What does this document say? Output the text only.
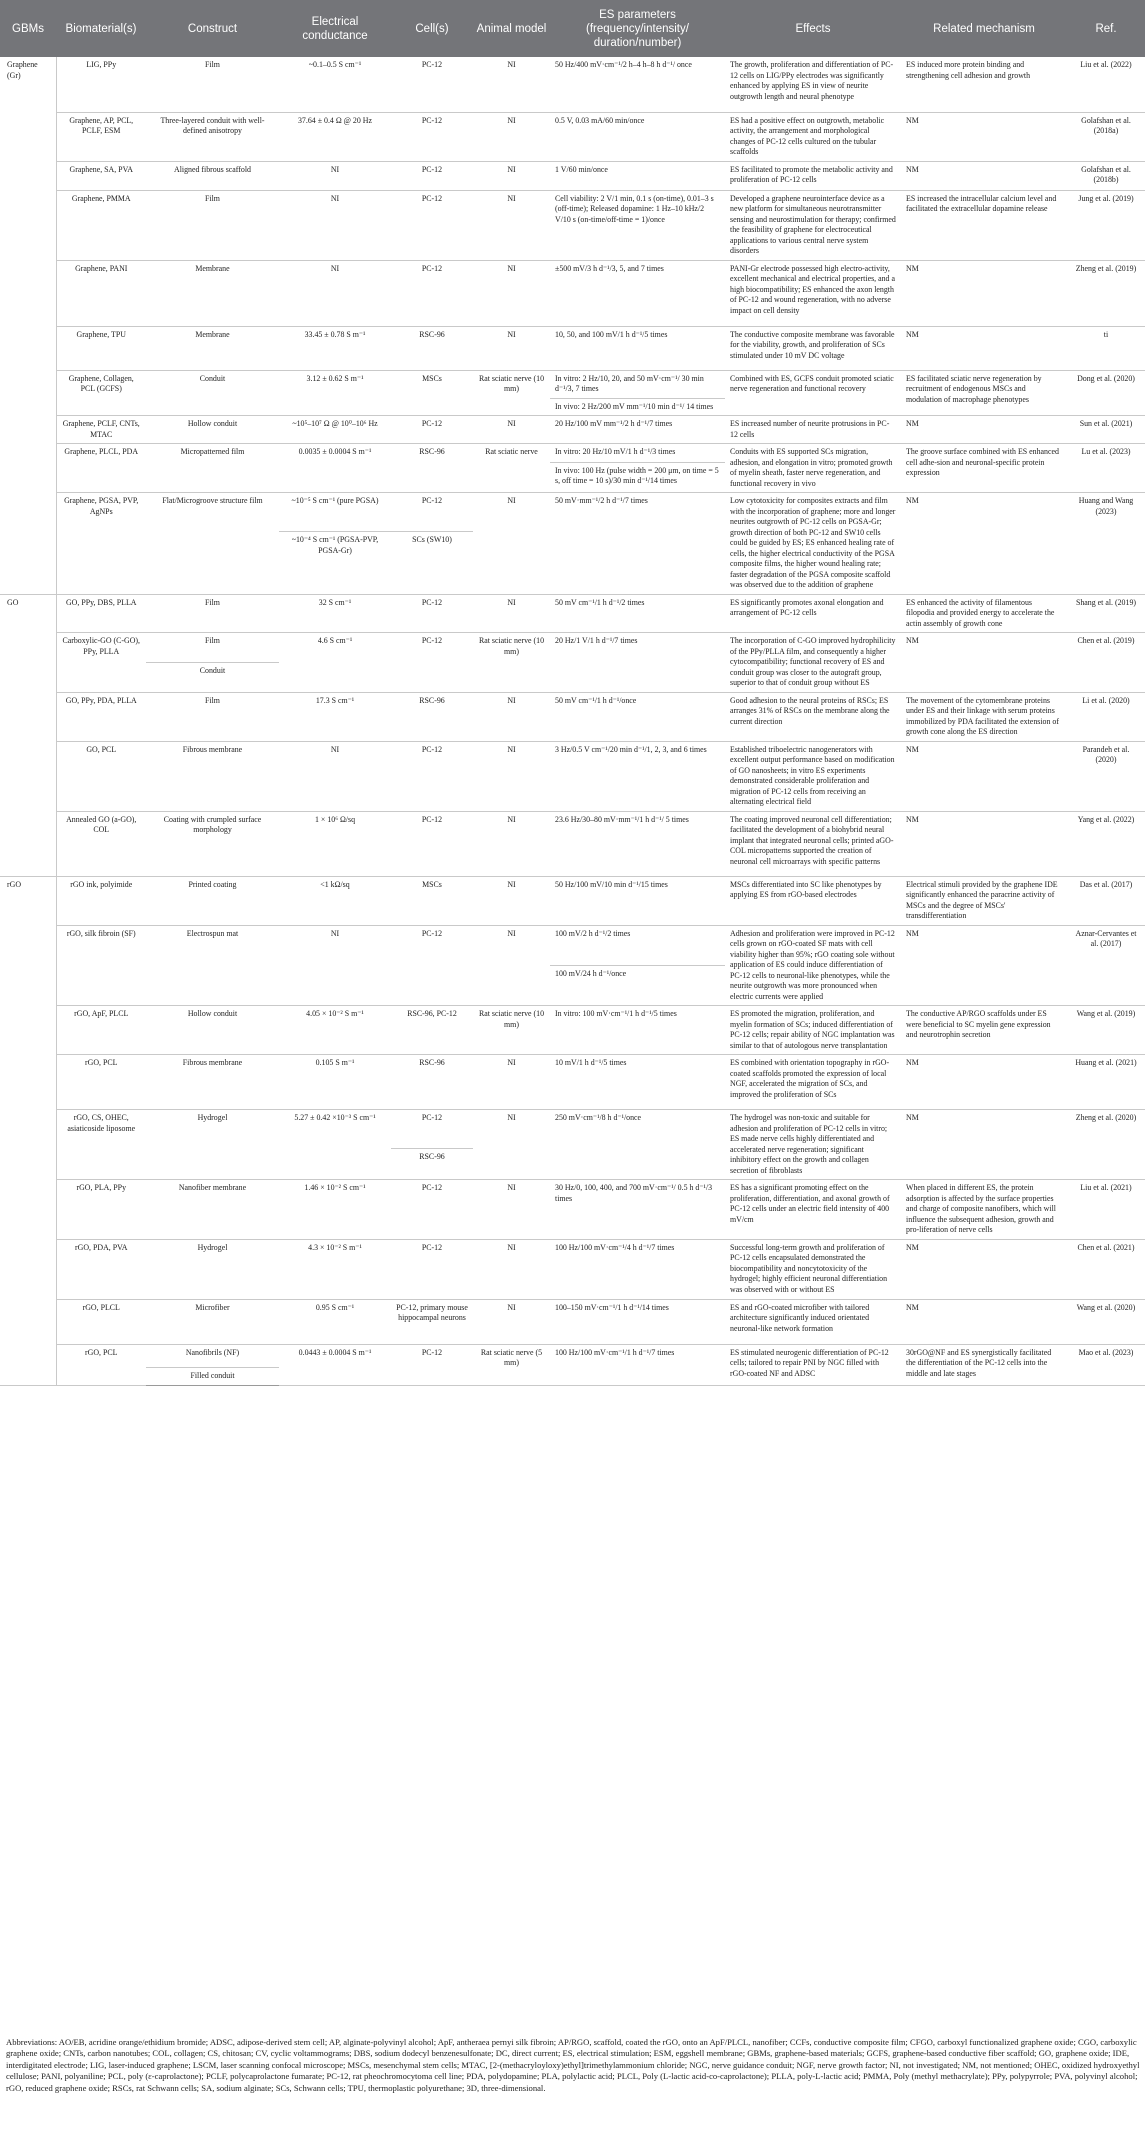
GBMs	Biomaterial(s)	Construct	Electrical conductance	Cell(s)	Animal model	ES parameters (frequency/intensity/ duration/number)	Effects	Related mechanism	Ref.
Graphene (Gr)	LIG, PPy	Film	~0.1–0.5 S cm⁻¹	PC-12	NI	50 Hz/400 mV·cm⁻¹/2 h–4 h–8 h d⁻¹/ once	The growth, proliferation and differentiation of PC-12 cells on LIG/PPy electrodes was significantly enhanced by applying ES in view of neurite outgrowth length and neural phenotype	ES induced more protein binding and strengthening cell adhesion and growth	Liu et al. (2022)
	Graphene, AP, PCL, PCLF, ESM	Three-layered conduit with well-defined anisotropy	37.64 ± 0.4 Ω @ 20 Hz	PC-12	NI	0.5 V, 0.03 mA/60 min/once	ES had a positive effect on outgrowth, metabolic activity, the arrangement and morphological changes of PC-12 cells cultured on the tubular scaffolds	NM	Golafshan et al. (2018a)
	Graphene, SA, PVA	Aligned fibrous scaffold	NI	PC-12	NI	1 V/60 min/once	ES facilitated to promote the metabolic activity and proliferation of PC-12 cells	NM	Golafshan et al. (2018b)
	Graphene, PMMA	Film	NI	PC-12	NI	Cell viability: 2 V/1 min, 0.1 s (on-time), 0.01–3 s (off-time); Released dopamine: 1 Hz–10 kHz/2 V/10 s (on-time/off-time = 1)/once	Developed a graphene neurointerface device as a new platform for simultaneous neurotransmitter sensing and neurostimulation for therapy; confirmed the feasibility of graphene for electroceutical applications to various central nerve system disorders	ES increased the intracellular calcium level and facilitated the extracellular dopamine release	Jung et al. (2019)
	Graphene, PANI	Membrane	NI	PC-12	NI	±500 mV/3 h d⁻¹/3, 5, and 7 times	PANI-Gr electrode possessed high electro-activity, excellent mechanical and electrical properties, and a high biocompatibility; ES enhanced the axon length of PC-12 and wound regeneration, with no adverse impact on cell density	NM	Zheng et al. (2019)
	Graphene, TPU	Membrane	33.45 ± 0.78 S m⁻¹	RSC-96	NI	10, 50, and 100 mV/1 h d⁻¹/5 times	The conductive composite membrane was favorable for the viability, growth, and proliferation of SCs stimulated under 10 mV DC voltage	NM	ti
	Graphene, Collagen, PCL (GCFS)	Conduit	3.12 ± 0.62 S m⁻¹	MSCs	Rat sciatic nerve (10 mm)	In vitro: 2 Hz/10, 20, and 50 mV·cm⁻¹/ 30 min d⁻¹/3, 7 times	Combined with ES, GCFS conduit promoted sciatic nerve regeneration and functional recovery	ES facilitated sciatic nerve regeneration by recruitment of endogenous MSCs and modulation of macrophage phenotypes	Dong et al. (2020)
						In vivo: 2 Hz/200 mV mm⁻¹/10 min d⁻¹/ 14 times			
	Graphene, PCLF, CNTs, MTAC	Hollow conduit	~10⁵–10⁷ Ω @ 10⁰–10⁶ Hz	PC-12	NI	20 Hz/100 mV mm⁻¹/2 h d⁻¹/7 times	ES increased number of neurite protrusions in PC-12 cells	NM	Sun et al. (2021)
	Graphene, PLCL, PDA	Micropatterned film	0.0035 ± 0.0004 S m⁻¹	RSC-96	Rat sciatic nerve	In vitro: 20 Hz/10 mV/1 h d⁻¹/3 times	Conduits with ES supported SCs migration, adhesion, and elongation in vitro; promoted growth of myelin sheath, faster nerve regeneration, and functional recovery in vivo	The groove surface combined with ES enhanced cell adhe-sion and neuronal-specific protein expression	Lu et al. (2023)
						In vivo: 100 Hz (pulse width = 200 μm, on time = 5 s, off time = 10 s)/30 min d⁻¹/14 times			
	Graphene, PGSA, PVP, AgNPs	Flat/Microgroove structure film	~10⁻⁵ S cm⁻¹ (pure PGSA)	PC-12	NI	50 mV·mm⁻¹/2 h d⁻¹/7 times	Low cytotoxicity for composites extracts and film with the incorporation of graphene; more and longer neurites outgrowth of PC-12 cells on PGSA-Gr; growth direction of both PC-12 and SW10 cells could be guided by ES; ES enhanced healing rate of cells, the higher electrical conductivity of the PGSA composite films, the higher wound healing rate; faster degradation of the PGSA composite scaffold was observed due to the addition of graphene	NM	Huang and Wang (2023)
			~10⁻⁴ S cm⁻¹ (PGSA-PVP, PGSA-Gr)	SCs (SW10)					
GO	GO, PPy, DBS, PLLA	Film	32 S cm⁻¹	PC-12	NI	50 mV cm⁻¹/1 h d⁻¹/2 times	ES significantly promotes axonal elongation and arrangement of PC-12 cells	ES enhanced the activity of filamentous filopodia and provided energy to accelerate the actin assembly of growth cone	Shang et al. (2019)
	Carboxylic-GO (C-GO), PPy, PLLA	Film	4.6 S cm⁻¹	PC-12	Rat sciatic nerve (10 mm)	20 Hz/1 V/1 h d⁻¹/7 times	The incorporation of C-GO improved hydrophilicity of the PPy/PLLA film, and consequently a higher cytocompatibility; functional recovery of ES and conduit group was closer to the autograft group, superior to that of conduit group without ES	NM	Chen et al. (2019)
		Conduit							
	GO, PPy, PDA, PLLA	Film	17.3 S cm⁻¹	RSC-96	NI	50 mV cm⁻¹/1 h d⁻¹/once	Good adhesion to the neural proteins of RSCs; ES arranges 31% of RSCs on the membrane along the current direction	The movement of the cytomembrane proteins under ES and their linkage with serum proteins immobilized by PDA facilitated the extension of growth cone along the ES direction	Li et al. (2020)
	GO, PCL	Fibrous membrane	NI	PC-12	NI	3 Hz/0.5 V cm⁻¹/20 min d⁻¹/1, 2, 3, and 6 times	Established triboelectric nanogenerators with excellent output performance based on modification of GO nanosheets; in vitro ES experiments demonstrated considerable proliferation and migration of PC-12 cells from receiving an alternating electrical field	NM	Parandeh et al. (2020)
	Annealed GO (a-GO), COL	Coating with crumpled surface morphology	1 × 10⁶ Ω/sq	PC-12	NI	23.6 Hz/30–80 mV·mm⁻¹/1 h d⁻¹/ 5 times	The coating improved neuronal cell differentiation; facilitated the development of a biohybrid neural implant that integrated neuronal cells; printed aGO-COL micropatterns supported the creation of neuronal cell microarrays with specific patterns	NM	Yang et al. (2022)
rGO	rGO ink, polyimide	Printed coating	<1 kΩ/sq	MSCs	NI	50 Hz/100 mV/10 min d⁻¹/15 times	MSCs differentiated into SC like phenotypes by applying ES from rGO-based electrodes	Electrical stimuli provided by the graphene IDE significantly enhanced the paracrine activity of MSCs and the degree of MSCs' transdifferentiation	Das et al. (2017)
	rGO, silk fibroin (SF)	Electrospun mat	NI	PC-12	NI	100 mV/2 h d⁻¹/2 times	Adhesion and proliferation were improved in PC-12 cells grown on rGO-coated SF mats with cell viability higher than 95%; rGO coating sole without application of ES could induce differentiation of PC-12 cells to neuronal-like phenotypes, while the neurite outgrowth was more pronounced when electric currents were applied	NM	Aznar-Cervantes et al. (2017)
						100 mV/24 h d⁻¹/once			
	rGO, ApF, PLCL	Hollow conduit	4.05 × 10⁻² S m⁻¹	RSC-96, PC-12	Rat sciatic nerve (10 mm)	In vitro: 100 mV·cm⁻¹/1 h d⁻¹/5 times	ES promoted the migration, proliferation, and myelin formation of SCs; induced differentiation of PC-12 cells; repair ability of NGC implantation was similar to that of autologous nerve transplantation	The conductive AP/RGO scaffolds under ES were beneficial to SC myelin gene expression and neurotrophin secretion	Wang et al. (2019)
	rGO, PCL	Fibrous membrane	0.105 S m⁻¹	RSC-96	NI	10 mV/1 h d⁻¹/5 times	ES combined with orientation topography in rGO-coated scaffolds promoted the expression of local NGF, accelerated the migration of SCs, and improved the proliferation of SCs	NM	Huang et al. (2021)
	rGO, CS, OHEC, asiaticoside liposome	Hydrogel	5.27 ± 0.42 ×10⁻³ S cm⁻¹	PC-12	NI	250 mV·cm⁻¹/8 h d⁻¹/once	The hydrogel was non-toxic and suitable for adhesion and proliferation of PC-12 cells in vitro; ES made nerve cells highly differentiated and accelerated nerve regeneration; significant inhibitory effect on the growth and collagen secretion of fibroblasts	NM	Zheng et al. (2020)
				RSC-96					
	rGO, PLA, PPy	Nanofiber membrane	1.46 × 10⁻² S cm⁻¹	PC-12	NI	30 Hz/0, 100, 400, and 700 mV·cm⁻¹/ 0.5 h d⁻¹/3 times	ES has a significant promoting effect on the proliferation, differentiation, and axonal growth of PC-12 cells under an electric field intensity of 400 mV/cm	When placed in different ES, the protein adsorption is affected by the surface properties and charge of composite nanofibers, which will influence the subsequent adhesion, growth and pro-liferation of nerve cells	Liu et al. (2021)
	rGO, PDA, PVA	Hydrogel	4.3 × 10⁻² S m⁻¹	PC-12	NI	100 Hz/100 mV·cm⁻¹/4 h d⁻¹/7 times	Successful long-term growth and proliferation of PC-12 cells encapsulated demonstrated the biocompatibility and noncytotoxicity of the hydrogel; highly efficient neuronal differentiation was observed with or without ES	NM	Chen et al. (2021)
	rGO, PLCL	Microfiber	0.95 S cm⁻¹	PC-12, primary mouse hippocampal neurons	NI	100–150 mV·cm⁻¹/1 h d⁻¹/14 times	ES and rGO-coated microfiber with tailored architecture significantly induced orientated neuronal-like network formation	NM	Wang et al. (2020)
	rGO, PCL	Nanofibrils (NF)	0.0443 ± 0.0004 S m⁻¹	PC-12	Rat sciatic nerve (5 mm)	100 Hz/100 mV·cm⁻¹/1 h d⁻¹/7 times	ES stimulated neurogenic differentiation of PC-12 cells; tailored to repair PNI by NGC filled with rGO-coated NF and ADSC	30rGO@NF and ES synergistically facilitated the differentiation of the PC-12 cells into the middle and late stages	Mao et al. (2023)
		Filled conduit							
Abbreviations: AO/EB, acridine orange/ethidium bromide; ADSC, adipose-derived stem cell; AP, alginate-polyvinyl alcohol; ApF, antheraea pernyi silk fibroin; AP/RGO, scaffold, coated the rGO, onto an ApF/PLCL, nanofiber; CCFs, conductive composite film; CFGO, carboxyl functionalized graphene oxide; CGO, carboxylic graphene oxide; CNTs, carbon nanotubes; COL, collagen; CS, chitosan; CV, cyclic voltammograms; DBS, sodium dodecyl benzenesulfonate; DC, direct current; ES, electrical stimulation; ESM, eggshell membrane; GBMs, graphene-based materials; GCFS, graphene-based conductive fiber scaffold; GO, graphene oxide; IDE, interdigitated electrode; LIG, laser-induced graphene; LSCM, laser scanning confocal microscope; MSCs, mesenchymal stem cells; MTAC, [2-(methacryloyloxy)ethyl]trimethylammonium chloride; NGC, nerve guidance conduit; NGF, nerve growth factor; NI, not investigated; NM, not mentioned; OHEC, oxidized hydroxyethyl cellulose; PANI, polyaniline; PCL, poly (ε-caprolactone); PCLF, polycaprolactone fumarate; PC-12, rat pheochromocytoma cell line; PDA, polydopamine; PLA, polylactic acid; PLCL, Poly (L-lactic acid-co-caprolactone); PLLA, poly-L-lactic acid; PMMA, Poly (methyl methacrylate); PPy, polypyrrole; PVA, polyvinyl alcohol; rGO, reduced graphene oxide; RSCs, rat Schwann cells; SA, sodium alginate; SCs, Schwann cells; TPU, thermoplastic polyurethane; 3D, three-dimensional.
